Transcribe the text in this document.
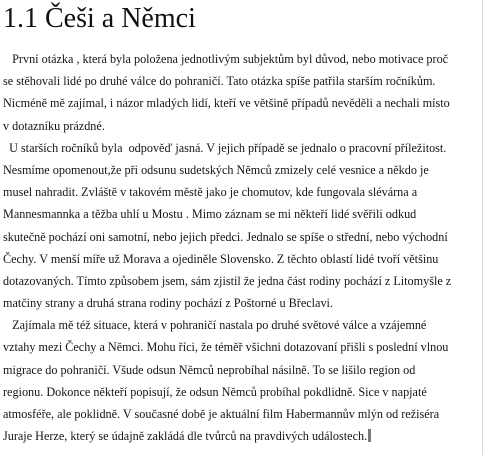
1.1 Češi a Němci
První otázka , která byla položena jednotlivým subjektům byl důvod, nebo motivace proč
se stěhovali lidé po druhé válce do pohraničí. Tato otázka spíše patřila starším ročníkům.
Nicméně mě zajímal, i názor mladých lidí, kteří ve většině případů nevěděli a nechali místo
v dotazníku prázdné.
U starších ročníků byla  odpověď jasná. V jejich případě se jednalo o pracovní příležitost.
Nesmíme opomenout,že při odsunu sudetských Němců zmizely celé vesnice a někdo je
musel nahradit. Zvláště v takovém městě jako je chomutov, kde fungovala slévárna a
Mannesmannka a těžba uhlí u Mostu . Mimo záznam se mi někteří lidé svěřili odkud
skutečně pochází oni samotní, nebo jejich předci. Jednalo se spíše o střední, nebo východní
Čechy. V menší míře už Morava a ojediněle Slovensko. Z těchto oblastí lidé tvoří většinu
dotazovaných. Tímto způsobem jsem, sám zjistil že jedna část rodiny pochází z Litomyšle z
matčiny strany a druhá strana rodiny pochází z Poštorné u Břeclavi.
Zajímala mě též situace, která v pohraničí nastala po druhé světové válce a vzájemné
vztahy mezi Čechy a Němci. Mohu říci, že téměř všichni dotazovaní přišli s poslední vlnou
migrace do pohraničí. Všude odsun Němců neprobíhal násilně. To se lišilo region od
regionu. Dokonce někteří popisují, že odsun Němců probíhal pokdlidně. Sice v napjaté
atmosféře, ale poklidně. V současné době je aktuální film Habermannův mlýn od režiséra
Juraje Herze, který se údajně zakládá dle tvůrců na pravdivých událostech.
